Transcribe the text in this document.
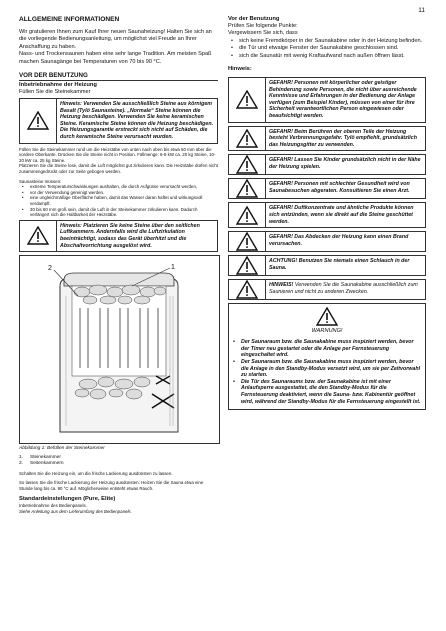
11
ALLGEMEINE INFORMATIONEN

Wir gratulieren Ihnen zum Kauf Ihrer neuen Saunaheizung! Halten Sie sich an die vorliegende Bedienungsanleitung, um möglichst viel Freude an Ihrer Anschaffung zu haben.

Nass- und Trockensaunen haben eine sehr lange Tradition. Am meisten Spaß machen Saunagänge bei Temperaturen von 70 bis 90 °C.

VOR DER BENUTZUNG
Inbetriebnahme der Heizung

Füllen Sie die Steinekammer

Hinweis: Verwenden Sie ausschließlich Steine aus körnigem Basalt (Tylö Saunasteine). „Normale“ Steine können die Heizung beschädigen. Verwenden Sie keine keramischen Steine. Keramische Steine können die Heizung beschädigen. Die Heizungsgarantie erstreckt sich nicht auf Schäden, die durch keramische Steine verursacht wurden.

Füllen Sie die Steinekammer rund um die Heizstäbe von unten nach oben bis etwa 50 mm über die vordere Oberkante. Drücken Sie die Steine nicht in Position. Füllmenge: 6-8 kW ca. 20 kg Steine, 10-20 kW ca. 25 kg Steine.

Platzieren Sie die Steine lose, damit die Luft möglichst gut zirkulieren kann. Die Heizstäbe dürfen nicht zusammengedrückt oder zur Seite gebogen werden.

Saunasteine müssen:

• extreme Temperaturschwankungen aushalten, die durch Aufgüsse verursacht werden,
• vor der Verwendung gereinigt werden.
• eine ungleichmäßige Oberfläche haben, damit das Wasser daran haftet und wirkungsvoll verdampft.
• 30 bis 60 mm groß sein, damit die Luft in der Steinekammer zirkulieren kann. Dadurch verlängert sich die Haltbarkeit der Heizstäbe.
Hinweis: Platzieren Sie keine Steine über den seitlichen Luftkammern. Andernfalls wird die Luftzirkulation beeinträchtigt, sodass das Gerät überhitzt und die Abschaltvorrichtung ausgelöst wird.
1
2
Abbildung 1: Befüllen der Steinekammer
1. Steinekammer
2. Seitenkammern

Schalten Sie die Heizung ein, um die frische Lackierung ausdünsten zu lassen.

So lassen Sie die frische Lackierung der Heizung ausdünsten: Heizen Sie die Sauna etwa eine Stunde lang bis ca. 90 °C auf. Möglicherweise entsteht etwas Rauch.

Standardeinstellungen (Pure, Elite)

Inbetriebnahme des Bedienpanels.

Siehe Anleitung aus dem Lieferumfang des Bedienpanels.

Vor der Benutzung

Prüfen Sie folgende Punkte:

Vergewissern Sie sich, dass

• sich keine Fremdkörper in der Saunakabine oder in der Heizung befinden.
• die Tür und etwaige Fenster der Saunakabine geschlossen sind.
• sich die Saunatür mit wenig Kraftaufwand nach außen öffnen lässt.
Hinweis:
GEFAHR! Personen mit körperlicher oder geistiger Behinderung sowie Personen, die nicht über ausreichende Kenntnisse und Erfahrungen in der Bedienung der Anlage verfügen (zum Beispiel Kinder), müssen von einer für ihre Sicherheit verantwortlichen Person eingewiesen oder beaufsichtigt werden.
GEFAHR! Beim Berühren der oberen Teile der Heizung besteht Verbrennungsgefahr. Tylö empfiehlt, grundsätzlich das Heizungsgitter zu verwenden.
GEFAHR! Lassen Sie Kinder grundsätzlich nicht in der Nähe der Heizung spielen.
GEFAHR! Personen mit schlechter Gesundheit wird von Saunabesuchen abgeraten. Konsultieren Sie einen Arzt.
GEFAHR! Duftkonzentrate und ähnliche Produkte können sich entzünden, wenn sie direkt auf die Steine geschüttet werden.
GEFAHR! Das Abdecken der Heizung kann einen Brand verursachen.
ACHTUNG! Benutzen Sie niemals einen Schlauch in der Sauna.
HINWEIS! Verwenden Sie die Saunakabine ausschließlich zum Saunieren und nicht zu anderen Zwecken.
WARNUNG!
• Der Saunaraum bzw. die Saunakabine muss inspiziert werden, bevor der Timer neu gestartet oder die Anlage per Fernsteuerung eingeschaltet wird.
• Der Saunaraum bzw. die Saunakabine muss inspiziert werden, bevor die Anlage in den Standby-Modus versetzt wird, um sie per Zeitvorwahl zu starten.
• Die Tür des Saunaraums bzw. der Saunakabine ist mit einer Anlaufsperre ausgestattet, die den Standby-Modus für die Fernsteuerung deaktiviert, wenn die Sauna- bzw. Kabinentür geöffnet wird, während der Standby-Modus für die Fernsteuerung eingestellt ist.
